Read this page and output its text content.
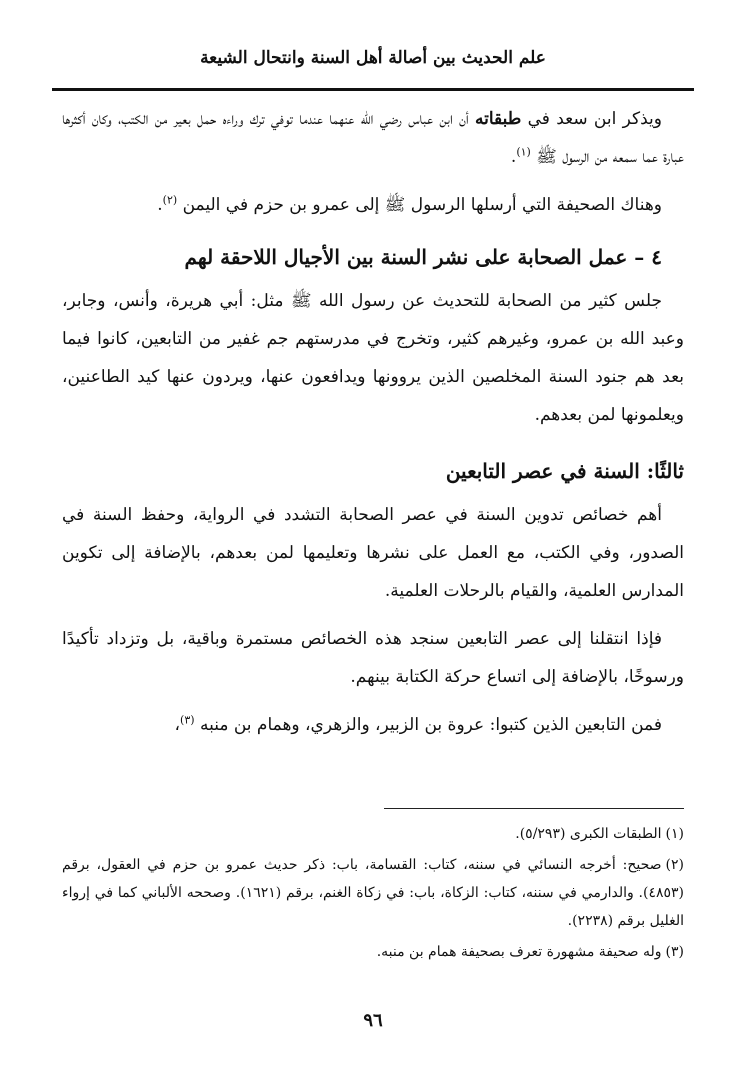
علم الحديث بين أصالة أهل السنة وانتحال الشيعة

ويذكر ابن سعد في طبقاته أن ابن عباس رضي الله عنهما عندما توفي ترك وراءه حمل بعير من الكتب، وكان أكثرها عبارة عما سمعه من الرسول ﷺ $^{(١)}$.

وهناك الصحيفة التي أرسلها الرسول ﷺ إلى عمرو بن حزم في اليمن $^{(٢)}$.

٤ – عمل الصحابة على نشر السنة بين الأجيال اللاحقة لهم

جلس كثير من الصحابة للتحديث عن رسول الله ﷺ مثل: أبي هريرة، وأنس، وجابر، وعبد الله بن عمرو، وغيرهم كثير، وتخرج في مدرستهم جم غفير من التابعين، كانوا فيما بعد هم جنود السنة المخلصين الذين يروونها ويدافعون عنها، ويردون عنها كيد الطاعنين، ويعلمونها لمن بعدهم.

ثالثًا: السنة في عصر التابعين

أهم خصائص تدوين السنة في عصر الصحابة التشدد في الرواية، وحفظ السنة في الصدور، وفي الكتب، مع العمل على نشرها وتعليمها لمن بعدهم، بالإضافة إلى تكوين المدارس العلمية، والقيام بالرحلات العلمية.

فإذا انتقلنا إلى عصر التابعين سنجد هذه الخصائص مستمرة وباقية، بل وتزداد تأكيدًا ورسوخًا، بالإضافة إلى اتساع حركة الكتابة بينهم.

فمن التابعين الذين كتبوا: عروة بن الزبير، والزهري، وهمام بن منبه $^{(٣)}$،

(١)الطبقات الكبرى (٥/٢٩٣).

(٢)صحيح: أخرجه النسائي في سننه، كتاب: القسامة، باب: ذكر حديث عمرو بن حزم في العقول، برقم (٤٨٥٣). والدارمي في سننه، كتاب: الزكاة، باب: في زكاة الغنم، برقم (١٦٢١). وصححه الألباني كما في إرواء الغليل برقم (٢٢٣٨).

(٣)وله صحيفة مشهورة تعرف بصحيفة همام بن منبه.

٩٦
